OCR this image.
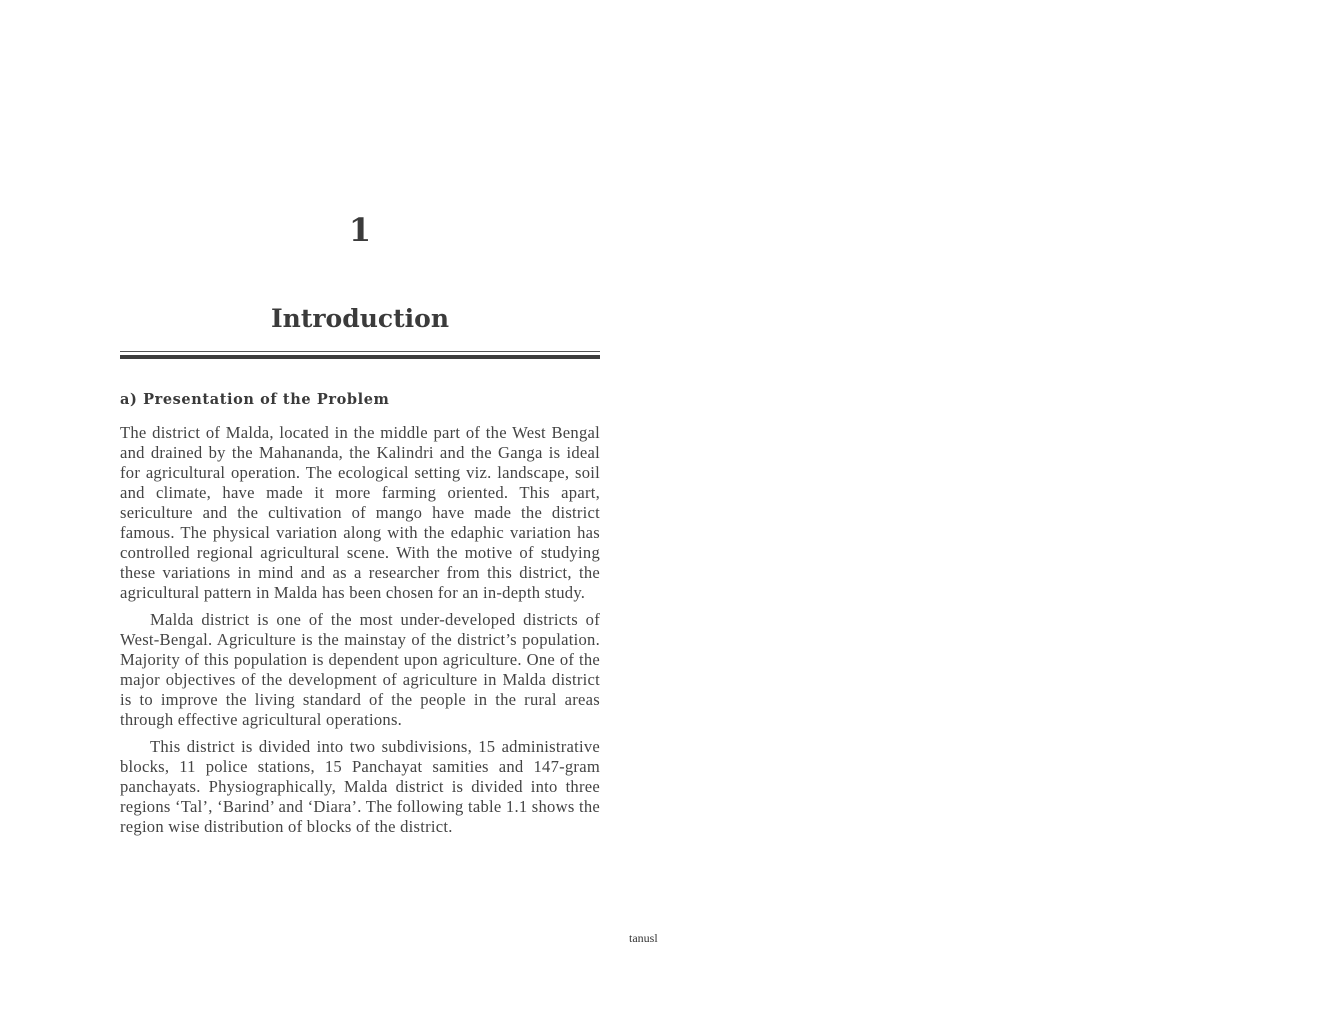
1
Introduction
a) Presentation of the Problem

The district of Malda, located in the middle part of the West Bengal and drained by the Mahananda, the Kalindri and the Ganga is ideal for agricultural operation. The ecological setting viz. landscape, soil and climate, have made it more farming oriented. This apart, sericulture and the cultivation of mango have made the district famous. The physical variation along with the edaphic variation has controlled regional agricultural scene. With the motive of studying these variations in mind and as a researcher from this district, the agricultural pattern in Malda has been chosen for an in-depth study.

Malda district is one of the most under-developed districts of West-Bengal. Agriculture is the mainstay of the district’s population. Majority of this population is dependent upon agriculture. One of the major objectives of the development of agriculture in Malda district is to improve the living standard of the people in the rural areas through effective agricultural operations.

This district is divided into two subdivisions, 15 administrative blocks, 11 police stations, 15 Panchayat samities and 147-gram panchayats. Physiographically, Malda district is divided into three regions ‘Tal’, ‘Barind’ and ‘Diara’. The following table 1.1 shows the region wise distribution of blocks of the district.

tanusl
